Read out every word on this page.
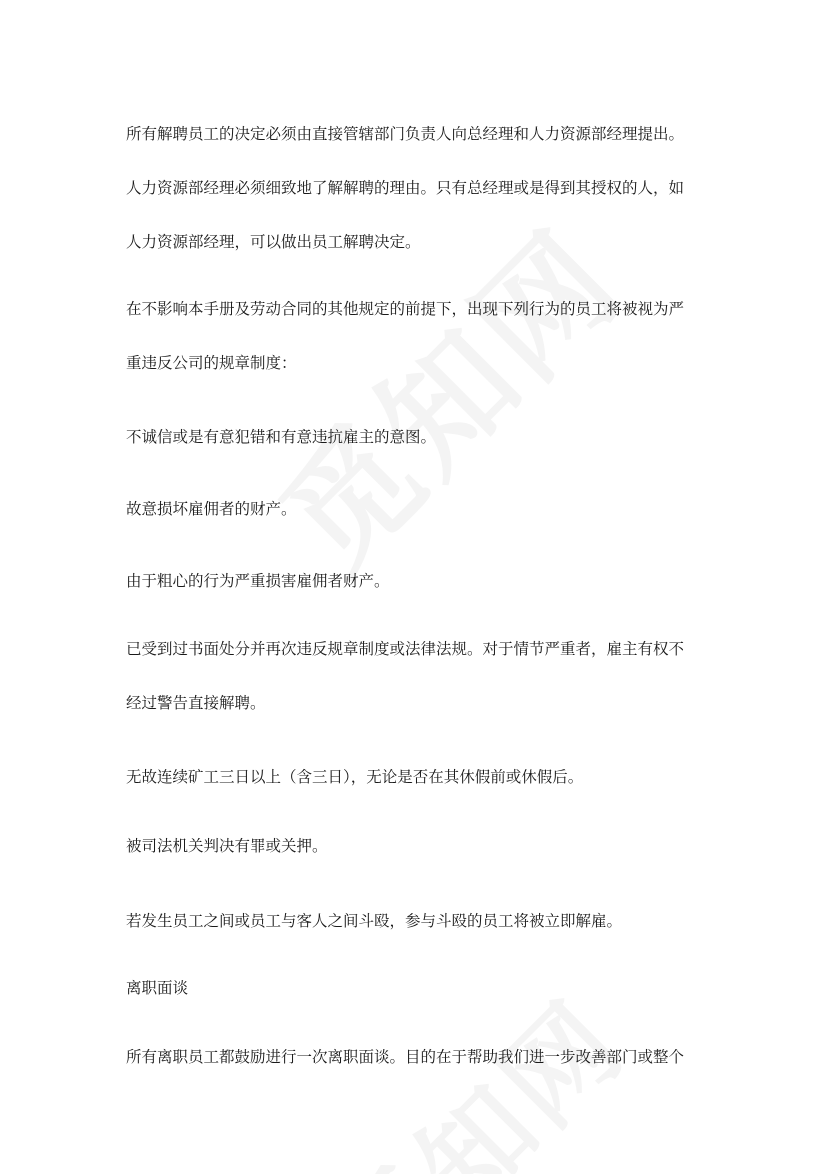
所有解聘员工的决定必须由直接管辖部门负责人向总经理和人力资源部经理提出。
人力资源部经理必须细致地了解解聘的理由。只有总经理或是得到其授权的人，如
人力资源部经理，可以做出员工解聘决定。
在不影响本手册及劳动合同的其他规定的前提下，出现下列行为的员工将被视为严
重违反公司的规章制度：
不诚信或是有意犯错和有意违抗雇主的意图。
故意损坏雇佣者的财产。
由于粗心的行为严重损害雇佣者财产。
已受到过书面处分并再次违反规章制度或法律法规。对于情节严重者，雇主有权不
经过警告直接解聘。
无故连续矿工三日以上（含三日），无论是否在其休假前或休假后。
被司法机关判决有罪或关押。
若发生员工之间或员工与客人之间斗殴，参与斗殴的员工将被立即解雇。
离职面谈
所有离职员工都鼓励进行一次离职面谈。目的在于帮助我们进一步改善部门或整个
